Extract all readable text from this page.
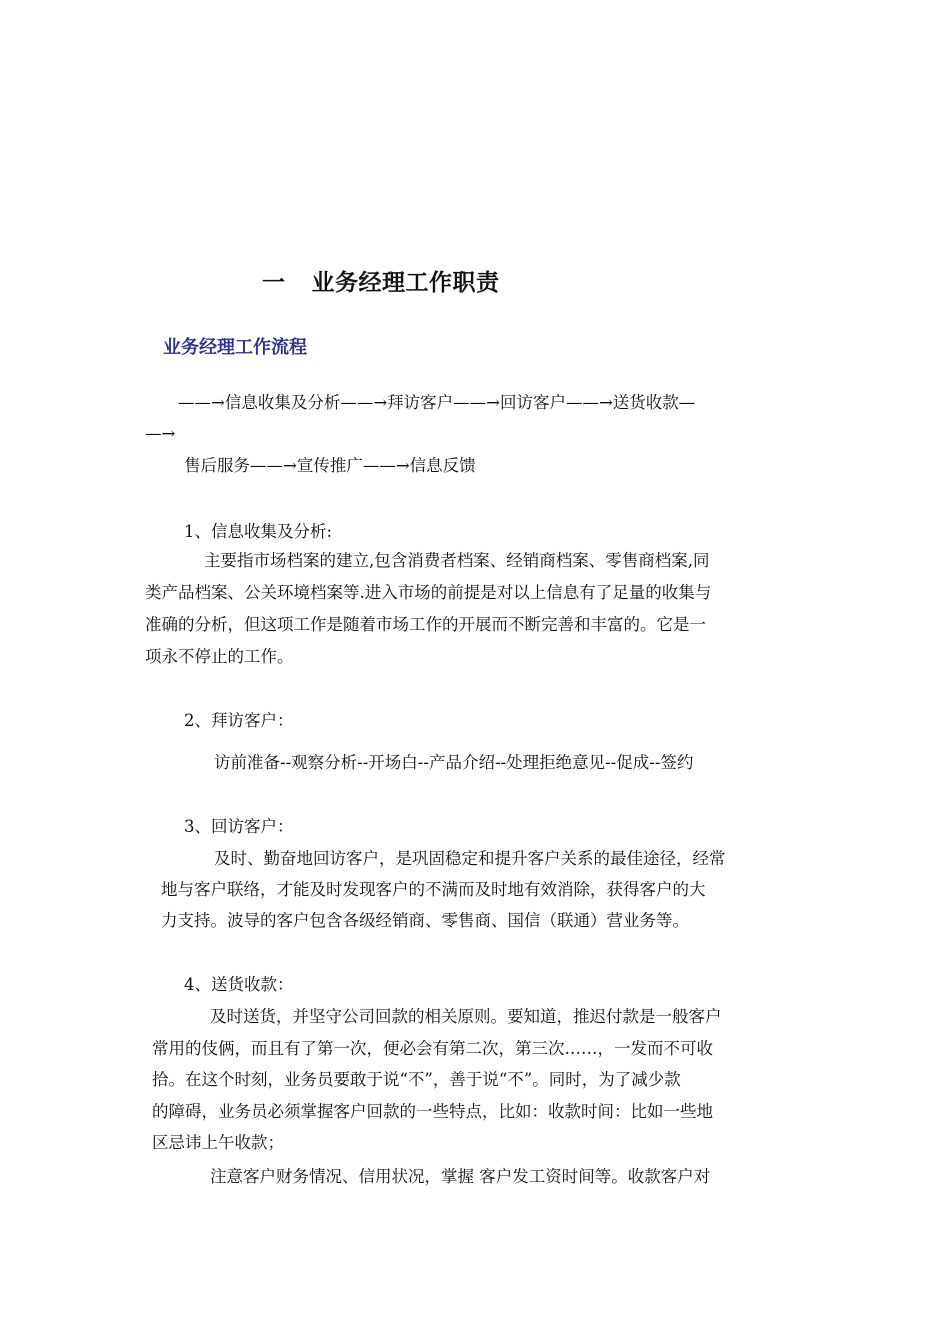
一 业务经理工作职责
业务经理工作流程
——→信息收集及分析——→拜访客户——→回访客户——→送货收款—
—→
售后服务——→宣传推广——→信息反馈
1、信息收集及分析:
主要指市场档案的建立,包含消费者档案、经销商档案、零售商档案,同
类产品档案、公关环境档案等.进入市场的前提是对以上信息有了足量的收集与
准确的分析，但这项工作是随着市场工作的开展而不断完善和丰富的。它是一
项永不停止的工作。
2、拜访客户：
访前准备--观察分析--开场白--产品介绍--处理拒绝意见--促成--签约
3、回访客户：
及时、勤奋地回访客户，是巩固稳定和提升客户关系的最佳途径，经常
地与客户联络，才能及时发现客户的不满而及时地有效消除，获得客户的大
力支持。波导的客户包含各级经销商、零售商、国信（联通）营业务等。
4、送货收款：
及时送货，并坚守公司回款的相关原则。要知道，推迟付款是一般客户
常用的伎俩，而且有了第一次，便必会有第二次，第三次……，一发而不可收
拾。在这个时刻，业务员要敢于说“不”，善于说“不”。同时，为了减少款
的障碍，业务员必须掌握客户回款的一些特点，比如：收款时间：比如一些地
区忌讳上午收款；
注意客户财务情况、信用状况，掌握 客户发工资时间等。收款客户对
